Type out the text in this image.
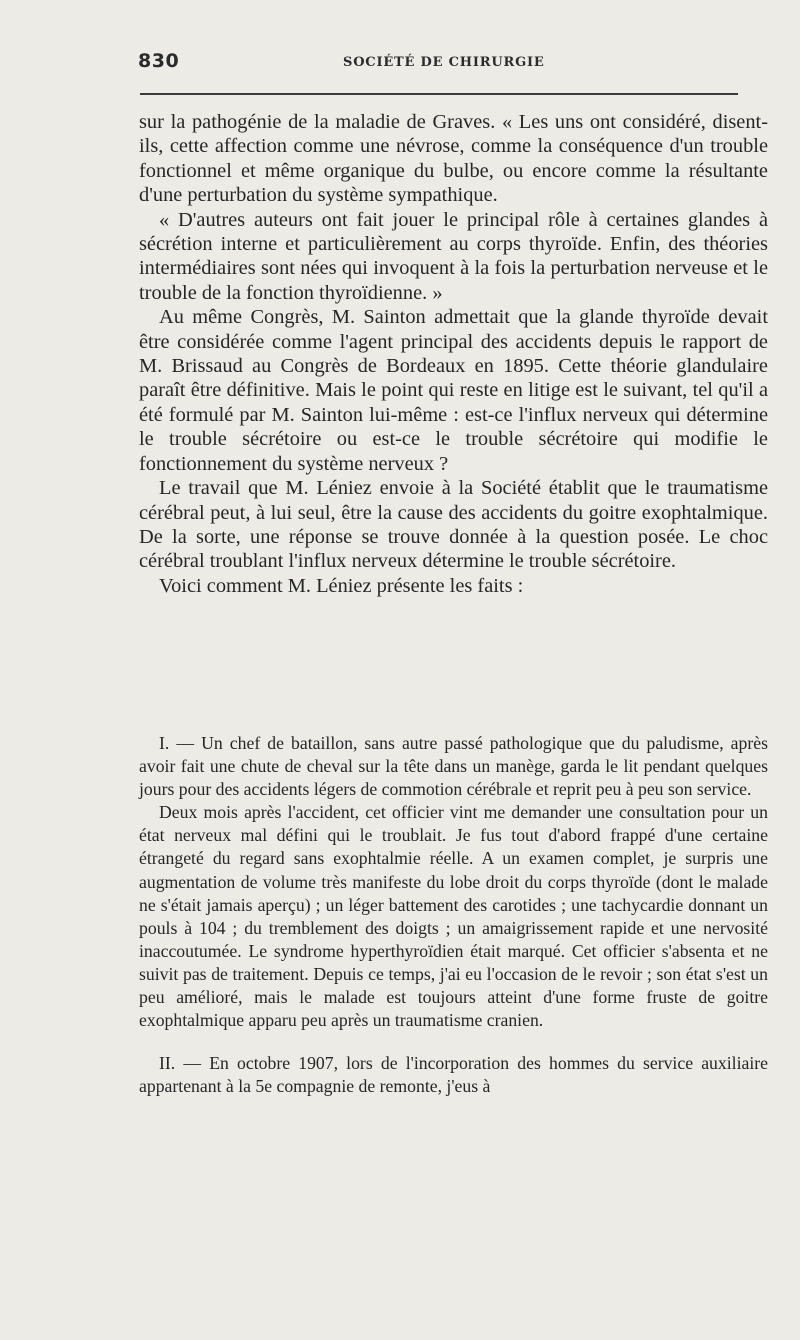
830	SOCIÉTÉ DE CHIRURGIE

sur la pathogénie de la maladie de Graves. « Les uns ont considéré, disent-ils, cette affection comme une névrose, comme la conséquence d'un trouble fonctionnel et même organique du bulbe, ou encore comme la résultante d'une perturbation du système sympathique.

« D'autres auteurs ont fait jouer le principal rôle à certaines glandes à sécrétion interne et particulièrement au corps thyroïde. Enfin, des théories intermédiaires sont nées qui invoquent à la fois la perturbation nerveuse et le trouble de la fonction thyroïdienne. »

Au même Congrès, M. Sainton admettait que la glande thyroïde devait être considérée comme l'agent principal des accidents depuis le rapport de M. Brissaud au Congrès de Bordeaux en 1895. Cette théorie glandulaire paraît être définitive. Mais le point qui reste en litige est le suivant, tel qu'il a été formulé par M. Sainton lui-même : est-ce l'influx nerveux qui détermine le trouble sécrétoire ou est-ce le trouble sécrétoire qui modifie le fonctionnement du système nerveux ?

Le travail que M. Léniez envoie à la Société établit que le traumatisme cérébral peut, à lui seul, être la cause des accidents du goitre exophtalmique. De la sorte, une réponse se trouve donnée à la question posée. Le choc cérébral troublant l'influx nerveux détermine le trouble sécrétoire.

Voici comment M. Léniez présente les faits :

I. — Un chef de bataillon, sans autre passé pathologique que du paludisme, après avoir fait une chute de cheval sur la tête dans un manège, garda le lit pendant quelques jours pour des accidents légers de commotion cérébrale et reprit peu à peu son service.

Deux mois après l'accident, cet officier vint me demander une consultation pour un état nerveux mal défini qui le troublait. Je fus tout d'abord frappé d'une certaine étrangeté du regard sans exophtalmie réelle. A un examen complet, je surpris une augmentation de volume très manifeste du lobe droit du corps thyroïde (dont le malade ne s'était jamais aperçu) ; un léger battement des carotides ; une tachycardie donnant un pouls à 104 ; du tremblement des doigts ; un amaigrissement rapide et une nervosité inaccoutumée. Le syndrome hyperthyroïdien était marqué. Cet officier s'absenta et ne suivit pas de traitement. Depuis ce temps, j'ai eu l'occasion de le revoir ; son état s'est un peu amélioré, mais le malade est toujours atteint d'une forme fruste de goitre exophtalmique apparu peu après un traumatisme cranien.

II. — En octobre 1907, lors de l'incorporation des hommes du service auxiliaire appartenant à la 5e compagnie de remonte, j'eus à
